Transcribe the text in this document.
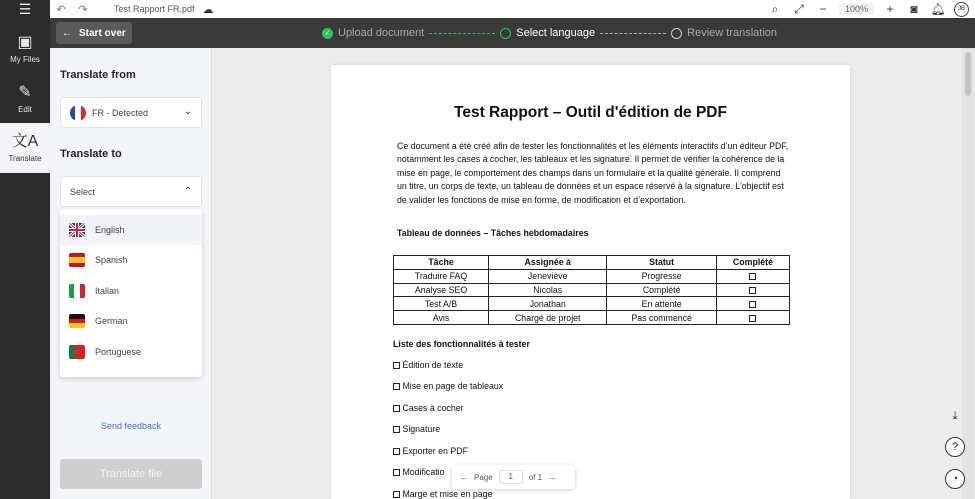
☰
▣
My Files
✎
Edit
文A
Translate
↶	↷	Test Rapport FR.pdf ☁	⌕	⤢	−	100%	+	◙	🔔︎	JB
← Start over	✓ Upload document	Select language	Review translation
Translate from
FR - Detected	⌄
Translate to
Select	⌃
English
Spanish
Italian
German
Portuguese
Send feedback
Translate file
Test Rapport – Outil d'édition de PDF
Ce document a été créé afin de tester les fonctionnalités et les éléments interactifs d’un éditeur PDF, notamment les cases à cocher, les tableaux et les signature. Il permet de vérifier la cohérence de la mise en page, le comportement des champs dans un formulaire et la qualité générale. Il comprend un titre, un corps de texte, un tableau de données et un espace réservé à la signature. L’objectif est de valider les fonctions de mise en forme, de modification et d’exportation.
Tableau de données – Tâches hebdomadaires
Tâche	Assignée à	Statut	Complété
Traduire FAQ	Jeneviève	Progresse	
Analyse SEO	Nicolas	Complété	
Test A/B	Jonathan	En attente	
Avis	Chargé de projet	Pas commencé	
Liste des fonctionnalités à tester
Édition de texte
Mise en page de tableaux
Cases à cocher
Signature
Exporter en PDF
Modificatio
Marge et mise en page
← Page	1	of 1 →
⤓
?
◔
